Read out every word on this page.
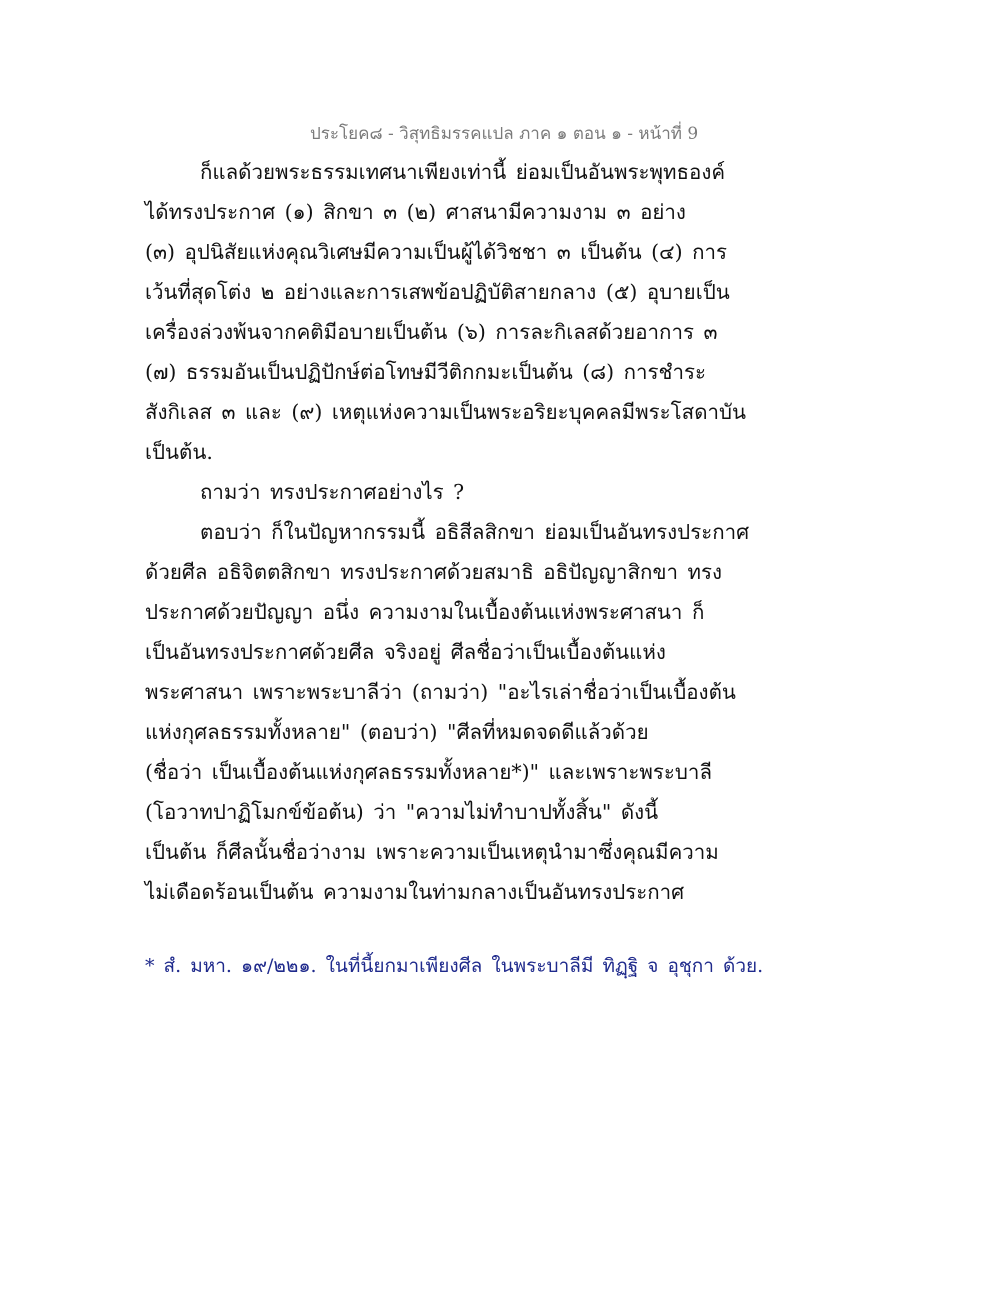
ประโยค๘ - วิสุทธิมรรคแปล ภาค ๑ ตอน ๑ - หน้าที่ 9
ก็แลด้วยพระธรรมเทศนาเพียงเท่านี้ ย่อมเป็นอันพระพุทธองค์
ได้ทรงประกาศ (๑) สิกขา ๓ (๒) ศาสนามีความงาม ๓ อย่าง
(๓) อุปนิสัยแห่งคุณวิเศษมีความเป็นผู้ได้วิชชา ๓ เป็นต้น (๔) การ
เว้นที่สุดโต่ง ๒ อย่างและการเสพข้อปฏิบัติสายกลาง (๕) อุบายเป็น
เครื่องล่วงพ้นจากคติมีอบายเป็นต้น (๖) การละกิเลสด้วยอาการ ๓
(๗) ธรรมอันเป็นปฏิปักษ์ต่อโทษมีวีติกกมะเป็นต้น (๘) การชำระ
สังกิเลส ๓ และ (๙) เหตุแห่งความเป็นพระอริยะบุคคลมีพระโสดาบัน
เป็นต้น.
ถามว่า ทรงประกาศอย่างไร ?
ตอบว่า ก็ในปัญหากรรมนี้ อธิสีลสิกขา ย่อมเป็นอันทรงประกาศ
ด้วยศีล อธิจิตตสิกขา ทรงประกาศด้วยสมาธิ อธิปัญญาสิกขา ทรง
ประกาศด้วยปัญญา อนึ่ง ความงามในเบื้องต้นแห่งพระศาสนา ก็
เป็นอันทรงประกาศด้วยศีล จริงอยู่ ศีลชื่อว่าเป็นเบื้องต้นแห่ง
พระศาสนา เพราะพระบาลีว่า (ถามว่า) "อะไรเล่าชื่อว่าเป็นเบื้องต้น
แห่งกุศลธรรมทั้งหลาย" (ตอบว่า) "ศีลที่หมดจดดีแล้วด้วย
(ชื่อว่า เป็นเบื้องต้นแห่งกุศลธรรมทั้งหลาย*)" และเพราะพระบาลี
(โอวาทปาฏิโมกข์ข้อต้น) ว่า "ความไม่ทำบาปทั้งสิ้น" ดังนี้
เป็นต้น ก็ศีลนั้นชื่อว่างาม เพราะความเป็นเหตุนำมาซึ่งคุณมีความ
ไม่เดือดร้อนเป็นต้น ความงามในท่ามกลางเป็นอันทรงประกาศ
* สํ. มหา. ๑๙/๒๒๑. ในที่นี้ยกมาเพียงศีล ในพระบาลีมี ทิฏฺฐิ จ อุชุกา ด้วย.
